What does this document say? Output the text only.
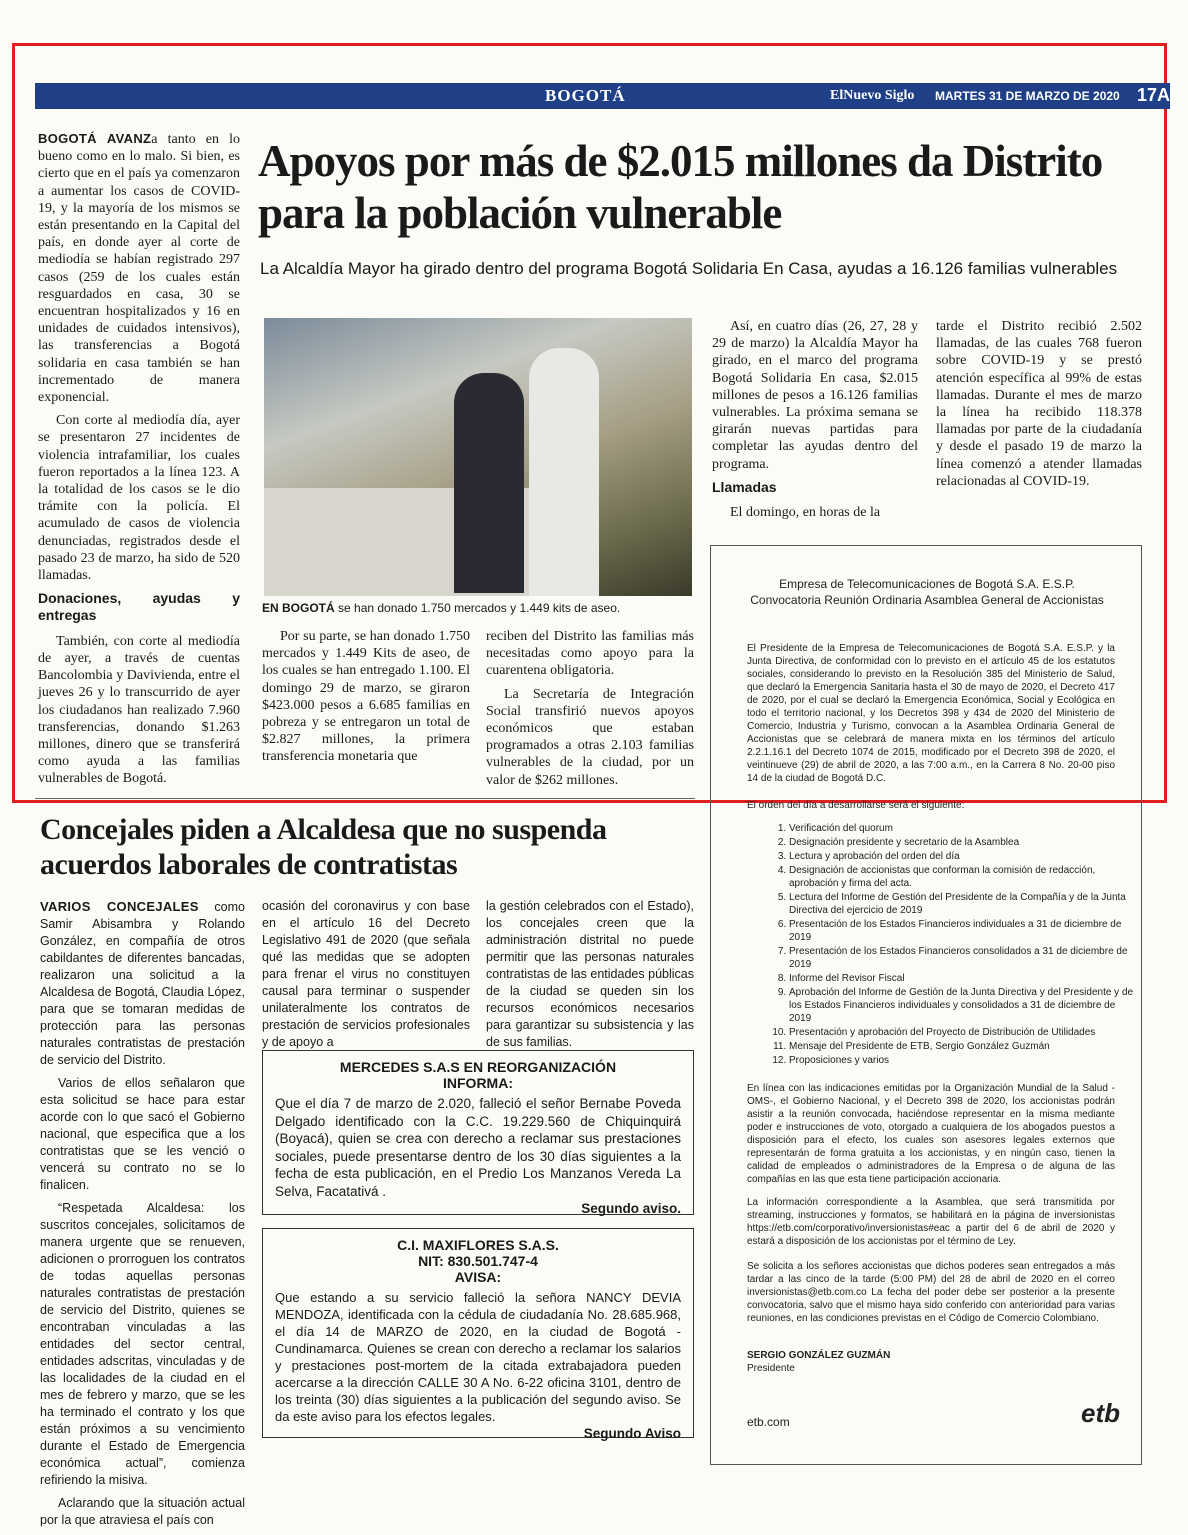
BOGOTÁ	ElNuevo Siglo MARTES 31 DE MARZO DE 2020 17A
Apoyos por más de $2.015 millones da Distrito para la población vulnerable
La Alcaldía Mayor ha girado dentro del programa Bogotá Solidaria En Casa, ayudas a 16.126 familias vulnerables

BOGOTÁ AVANZa tanto en lo bueno como en lo malo. Si bien, es cierto que en el país ya comenzaron a aumentar los casos de COVID-19, y la mayoría de los mismos se están presentando en la Capital del país, en donde ayer al corte de mediodía se habían registrado 297 casos (259 de los cuales están resguardados en casa, 30 se encuentran hospitalizados y 16 en unidades de cuidados intensivos), las transferencias a Bogotá solidaria en casa también se han incrementado de manera exponencial.

Con corte al mediodía día, ayer se presentaron 27 incidentes de violencia intrafamiliar, los cuales fueron reportados a la línea 123. A la totalidad de los casos se le dio trámite con la policía. El acumulado de casos de violencia denunciadas, registrados desde el pasado 23 de marzo, ha sido de 520 llamadas.

Donaciones, ayudas y entregas

También, con corte al mediodía de ayer, a través de cuentas Bancolombia y Davivienda, entre el jueves 26 y lo transcurrido de ayer los ciudadanos han realizado 7.960 transferencias, donando $1.263 millones, dinero que se transferirá como ayuda a las familias vulnerables de Bogotá.

EN BOGOTÁ se han donado 1.750 mercados y 1.449 kits de aseo.

Por su parte, se han donado 1.750 mercados y 1.449 Kits de aseo, de los cuales se han entregado 1.100. El domingo 29 de marzo, se giraron $423.000 pesos a 6.685 familias en pobreza y se entregaron un total de $2.827 millones, la primera transferencia monetaria que

reciben del Distrito las familias más necesitadas como apoyo para la cuarentena obligatoria.

La Secretaría de Integración Social transfirió nuevos apoyos económicos que estaban programados a otras 2.103 familias vulnerables de la ciudad, por un valor de $262 millones.

Así, en cuatro días (26, 27, 28 y 29 de marzo) la Alcaldía Mayor ha girado, en el marco del programa Bogotá Solidaria En casa, $2.015 millones de pesos a 16.126 familias vulnerables. La próxima semana se girarán nuevas partidas para completar las ayudas dentro del programa.

Llamadas

El domingo, en horas de la

tarde el Distrito recibió 2.502 llamadas, de las cuales 768 fueron sobre COVID-19 y se prestó atención específica al 99% de estas llamadas. Durante el mes de marzo la línea ha recibido 118.378 llamadas por parte de la ciudadanía y desde el pasado 19 de marzo la línea comenzó a atender llamadas relacionadas al COVID-19.

Concejales piden a Alcaldesa que no suspenda acuerdos laborales de contratistas

VARIOS CONCEJALES como Samir Abisambra y Rolando González, en compañía de otros cabildantes de diferentes bancadas, realizaron una solicitud a la Alcaldesa de Bogotá, Claudia López, para que se tomaran medidas de protección para las personas naturales contratistas de prestación de servicio del Distrito.

Varios de ellos señalaron que esta solicitud se hace para estar acorde con lo que sacó el Gobierno nacional, que especifica que a los contratistas que se les venció o vencerá su contrato no se lo finalicen.

“Respetada Alcaldesa: los suscritos concejales, solicitamos de manera urgente que se renueven, adicionen o prorroguen los contratos de todas aquellas personas naturales contratistas de prestación de servicio del Distrito, quienes se encontraban vinculadas a las entidades del sector central, entidades adscritas, vinculadas y de las localidades de la ciudad en el mes de febrero y marzo, que se les ha terminado el contrato y los que están próximos a su vencimiento durante el Estado de Emergencia económica actual”, comienza refiriendo la misiva.

Aclarando que la situación actual por la que atraviesa el país con

ocasión del coronavirus y con base en el artículo 16 del Decreto Legislativo 491 de 2020 (que señala qué las medidas que se adopten para frenar el virus no constituyen causal para terminar o suspender unilateralmente los contratos de prestación de servicios profesionales y de apoyo a

la gestión celebrados con el Estado), los concejales creen que la administración distrital no puede permitir que las personas naturales contratistas de las entidades públicas de la ciudad se queden sin los recursos económicos necesarios para garantizar su subsistencia y las de sus familias.

MERCEDES S.A.S EN REORGANIZACIÓN

INFORMA:

Que el día 7 de marzo de 2.020, falleció el señor Bernabe Poveda Delgado identificado con la C.C. 19.229.560 de Chiquinquirá (Boyacá), quien se crea con derecho a reclamar sus prestaciones sociales, puede presentarse dentro de los 30 días siguientes a la fecha de esta publicación, en el Predio Los Manzanos Vereda La Selva, Facatativá .

Segundo aviso.

C.I. MAXIFLORES S.A.S.

NIT: 830.501.747-4

AVISA:

Que estando a su servicio falleció la señora NANCY DEVIA MENDOZA, identificada con la cédula de ciudadanía No. 28.685.968, el día 14 de MARZO de 2020, en la ciudad de Bogotá - Cundinamarca. Quienes se crean con derecho a reclamar los salarios y prestaciones post-mortem de la citada extrabajadora pueden acercarse a la dirección CALLE 30 A No. 6-22 oficina 3101, dentro de los treinta (30) días siguientes a la publicación del segundo aviso. Se da este aviso para los efectos legales.

Segundo Aviso

Empresa de Telecomunicaciones de Bogotá S.A. E.S.P.
Convocatoria Reunión Ordinaria Asamblea General de Accionistas
El Presidente de la Empresa de Telecomunicaciones de Bogotá S.A. E.S.P. y la Junta Directiva, de conformidad con lo previsto en el artículo 45 de los estatutos sociales, considerando lo previsto en la Resolución 385 del Ministerio de Salud, que declaró la Emergencia Sanitaria hasta el 30 de mayo de 2020, el Decreto 417 de 2020, por el cual se declaró la Emergencia Económica, Social y Ecológica en todo el territorio nacional, y los Decretos 398 y 434 de 2020 del Ministerio de Comercio, Industria y Turismo, convocan a la Asamblea Ordinaria General de Accionistas que se celebrará de manera mixta en los términos del artículo 2.2.1.16.1 del Decreto 1074 de 2015, modificado por el Decreto 398 de 2020, el veintinueve (29) de abril de 2020, a las 7:00 a.m., en la Carrera 8 No. 20-00 piso 14 de la ciudad de Bogotá D.C.
El orden del día a desarrollarse será el siguiente:
1. Verificación del quorum
2. Designación presidente y secretario de la Asamblea
3. Lectura y aprobación del orden del día
4. Designación de accionistas que conforman la comisión de redacción, aprobación y firma del acta.
5. Lectura del Informe de Gestión del Presidente de la Compañía y de la Junta Directiva del ejercicio de 2019
6. Presentación de los Estados Financieros individuales a 31 de diciembre de 2019
7. Presentación de los Estados Financieros consolidados a 31 de diciembre de 2019
8. Informe del Revisor Fiscal
9. Aprobación del Informe de Gestión de la Junta Directiva y del Presidente y de los Estados Financieros individuales y consolidados a 31 de diciembre de 2019
10. Presentación y aprobación del Proyecto de Distribución de Utilidades
11. Mensaje del Presidente de ETB, Sergio González Guzmán
12. Proposiciones y varios
En línea con las indicaciones emitidas por la Organización Mundial de la Salud -OMS-, el Gobierno Nacional, y el Decreto 398 de 2020, los accionistas podrán asistir a la reunión convocada, haciéndose representar en la misma mediante poder e instrucciones de voto, otorgado a cualquiera de los abogados puestos a disposición para el efecto, los cuales son asesores legales externos que representarán de forma gratuita a los accionistas, y en ningún caso, tienen la calidad de empleados o administradores de la Empresa o de alguna de las compañías en las que esta tiene participación accionaria.
La información correspondiente a la Asamblea, que será transmitida por streaming, instrucciones y formatos, se habilitará en la página de inversionistas https://etb.com/corporativo/inversionistas#eac a partir del 6 de abril de 2020 y estará a disposición de los accionistas por el término de Ley.
Se solicita a los señores accionistas que dichos poderes sean entregados a más tardar a las cinco de la tarde (5:00 PM) del 28 de abril de 2020 en el correo inversionistas@etb.com.co La fecha del poder debe ser posterior a la presente convocatoria, salvo que el mismo haya sido conferido con anterioridad para varias reuniones, en las condiciones previstas en el Código de Comercio Colombiano.
SERGIO GONZÁLEZ GUZMÁN
Presidente
etb.com	etb
